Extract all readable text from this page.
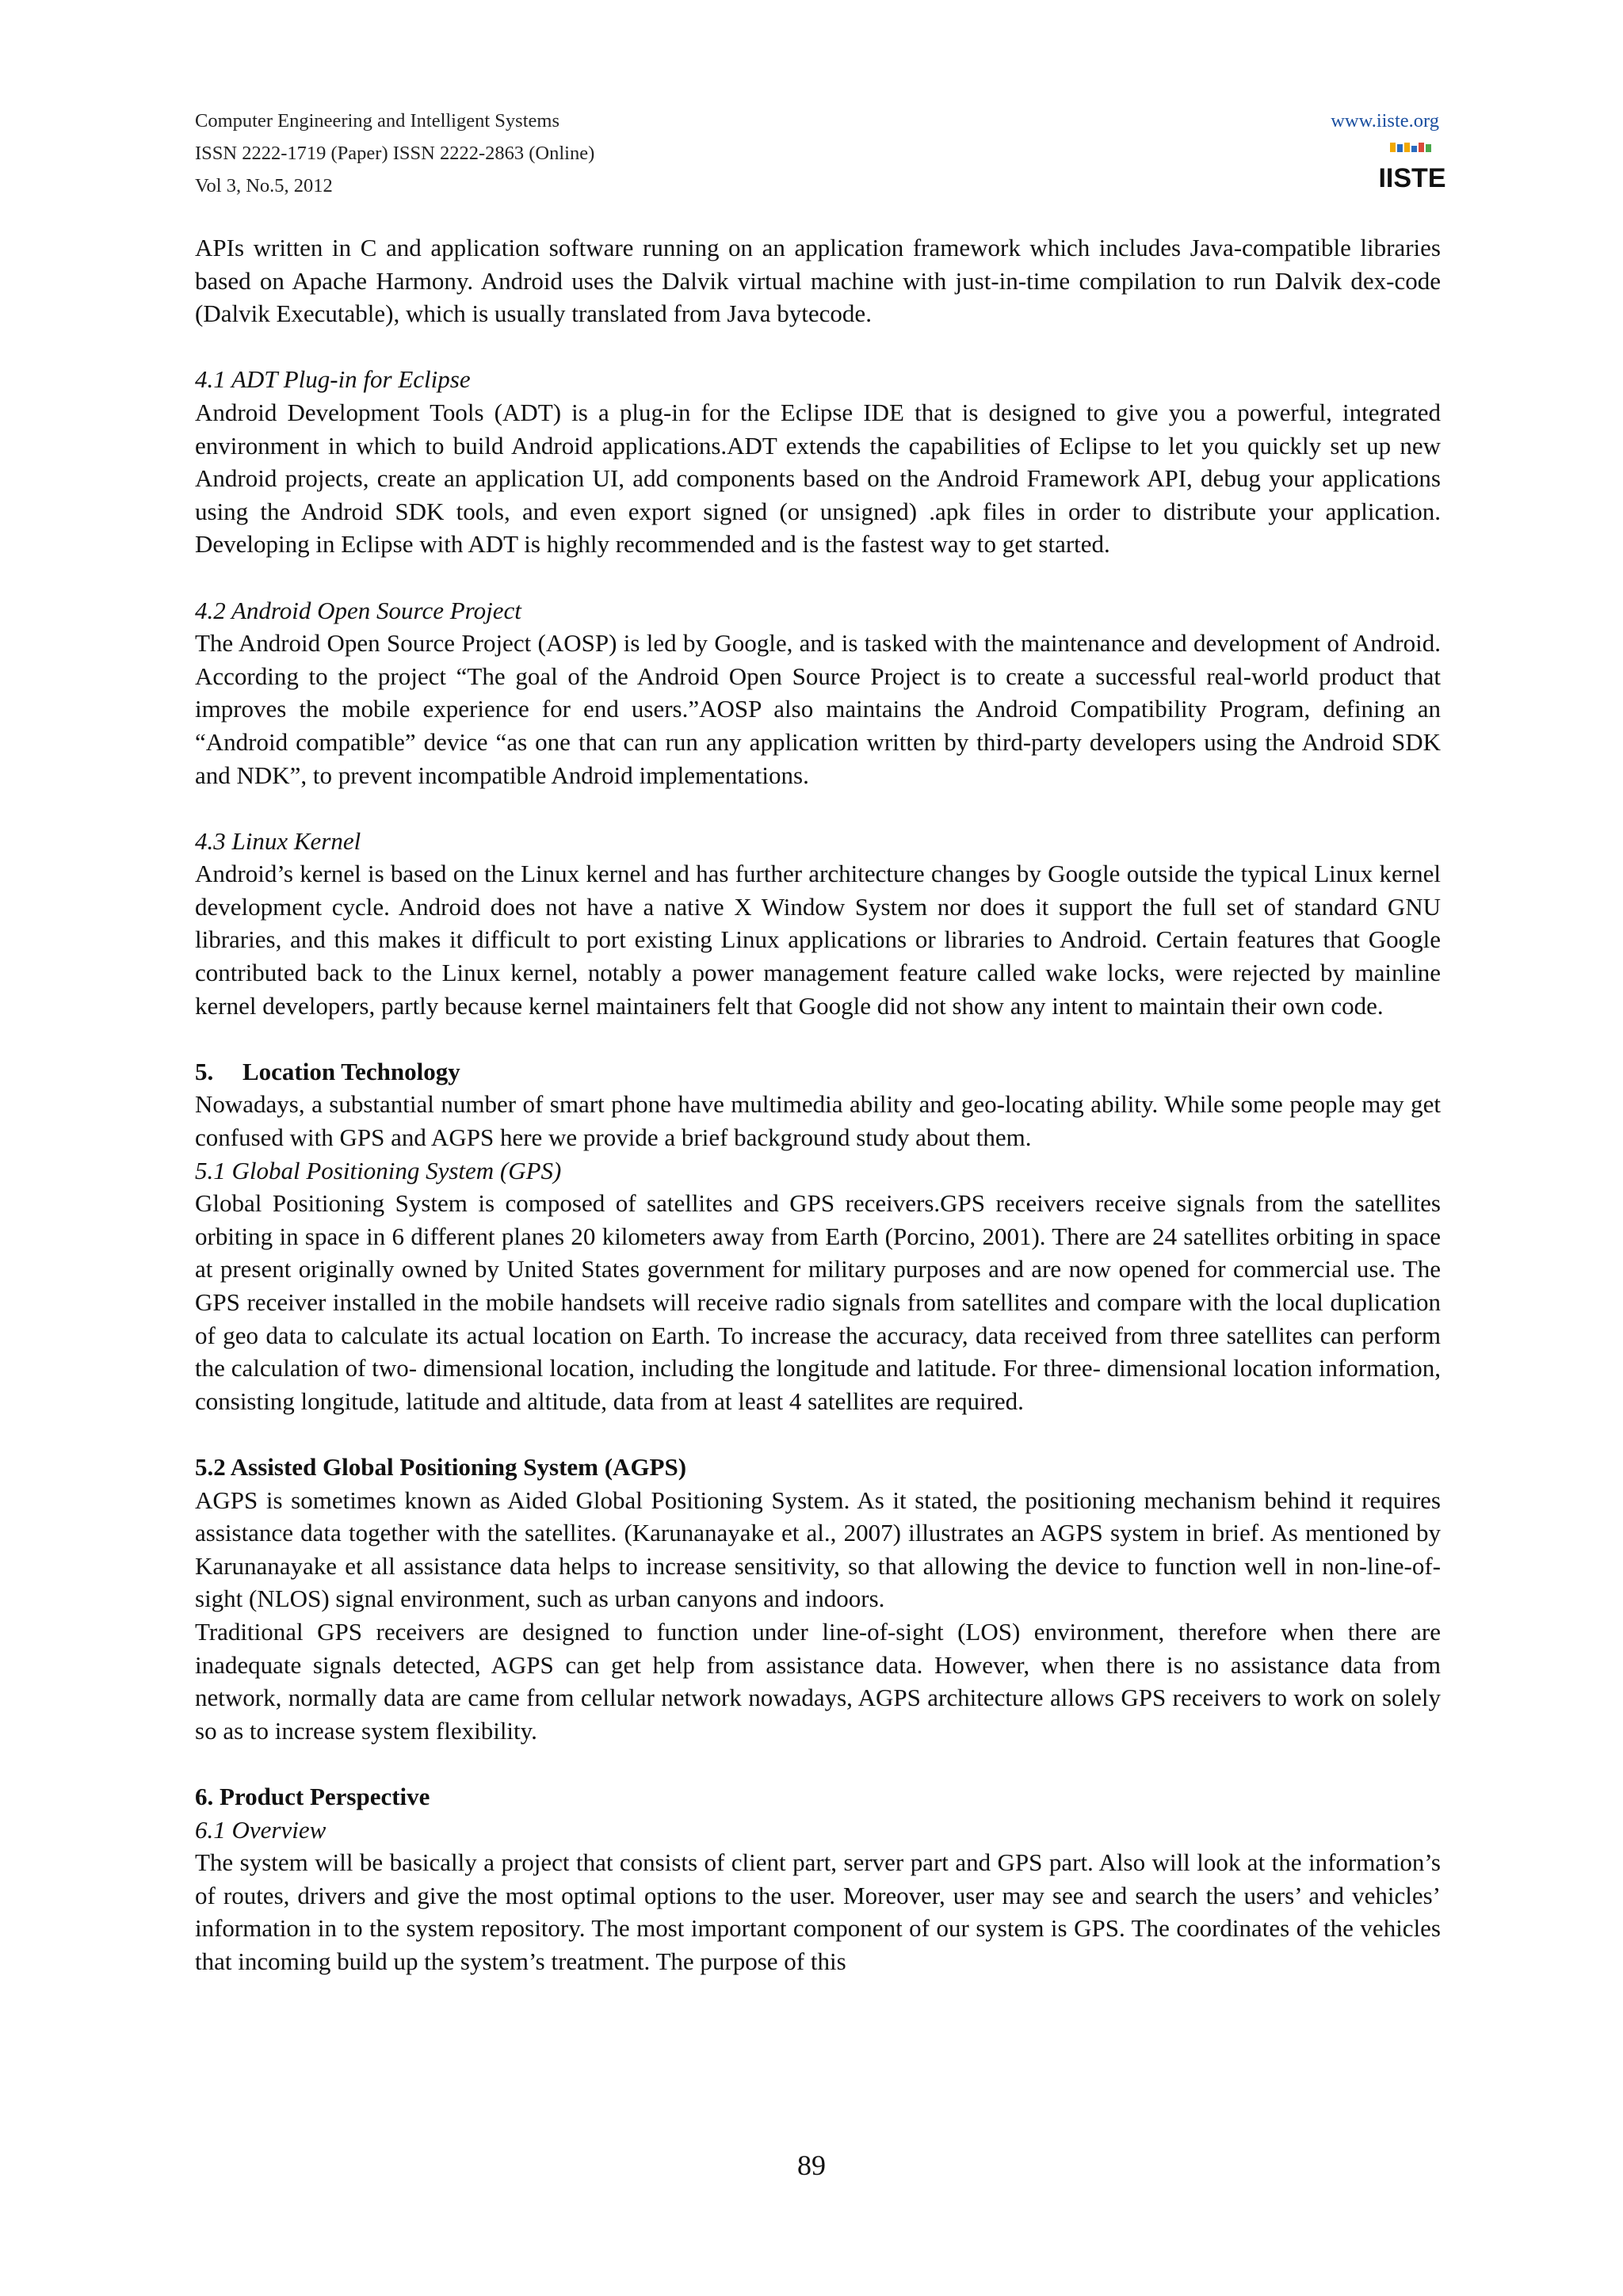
Computer Engineering and Intelligent Systems
ISSN 2222-1719 (Paper) ISSN 2222-2863 (Online)
Vol 3, No.5, 2012
www.iiste.org
IISTE

APIs written in C and application software running on an application framework which includes Java-compatible libraries based on Apache Harmony. Android uses the Dalvik virtual machine with just-in-time compilation to run Dalvik dex-code (Dalvik Executable), which is usually translated from Java bytecode.

4.1 ADT Plug-in for Eclipse

Android Development Tools (ADT) is a plug-in for the Eclipse IDE that is designed to give you a powerful, integrated environment in which to build Android applications.ADT extends the capabilities of Eclipse to let you quickly set up new Android projects, create an application UI, add components based on the Android Framework API, debug your applications using the Android SDK tools, and even export signed (or unsigned) .apk files in order to distribute your application. Developing in Eclipse with ADT is highly recommended and is the fastest way to get started.

4.2 Android Open Source Project

The Android Open Source Project (AOSP) is led by Google, and is tasked with the maintenance and development of Android. According to the project “The goal of the Android Open Source Project is to create a successful real-world product that improves the mobile experience for end users.”AOSP also maintains the Android Compatibility Program, defining an “Android compatible” device “as one that can run any application written by third-party developers using the Android SDK and NDK”, to prevent incompatible Android implementations.

4.3 Linux Kernel

Android’s kernel is based on the Linux kernel and has further architecture changes by Google outside the typical Linux kernel development cycle. Android does not have a native X Window System nor does it support the full set of standard GNU libraries, and this makes it difficult to port existing Linux applications or libraries to Android. Certain features that Google contributed back to the Linux kernel, notably a power management feature called wake locks, were rejected by mainline kernel developers, partly because kernel maintainers felt that Google did not show any intent to maintain their own code.

5. Location Technology

Nowadays, a substantial number of smart phone have multimedia ability and geo-locating ability. While some people may get confused with GPS and AGPS here we provide a brief background study about them.

5.1 Global Positioning System (GPS)

Global Positioning System is composed of satellites and GPS receivers.GPS receivers receive signals from the satellites orbiting in space in 6 different planes 20 kilometers away from Earth (Porcino, 2001). There are 24 satellites orbiting in space at present originally owned by United States government for military purposes and are now opened for commercial use. The GPS receiver installed in the mobile handsets will receive radio signals from satellites and compare with the local duplication of geo data to calculate its actual location on Earth. To increase the accuracy, data received from three satellites can perform the calculation of two- dimensional location, including the longitude and latitude. For three- dimensional location information, consisting longitude, latitude and altitude, data from at least 4 satellites are required.

5.2 Assisted Global Positioning System (AGPS)

AGPS is sometimes known as Aided Global Positioning System. As it stated, the positioning mechanism behind it requires assistance data together with the satellites. (Karunanayake et al., 2007) illustrates an AGPS system in brief. As mentioned by Karunanayake et all assistance data helps to increase sensitivity, so that allowing the device to function well in non-line-of-sight (NLOS) signal environment, such as urban canyons and indoors.

Traditional GPS receivers are designed to function under line-of-sight (LOS) environment, therefore when there are inadequate signals detected, AGPS can get help from assistance data. However, when there is no assistance data from network, normally data are came from cellular network nowadays, AGPS architecture allows GPS receivers to work on solely so as to increase system flexibility.

6. Product Perspective

6.1 Overview

The system will be basically a project that consists of client part, server part and GPS part. Also will look at the information’s of routes, drivers and give the most optimal options to the user. Moreover, user may see and search the users’ and vehicles’ information in to the system repository. The most important component of our system is GPS. The coordinates of the vehicles that incoming build up the system’s treatment. The purpose of this

89
